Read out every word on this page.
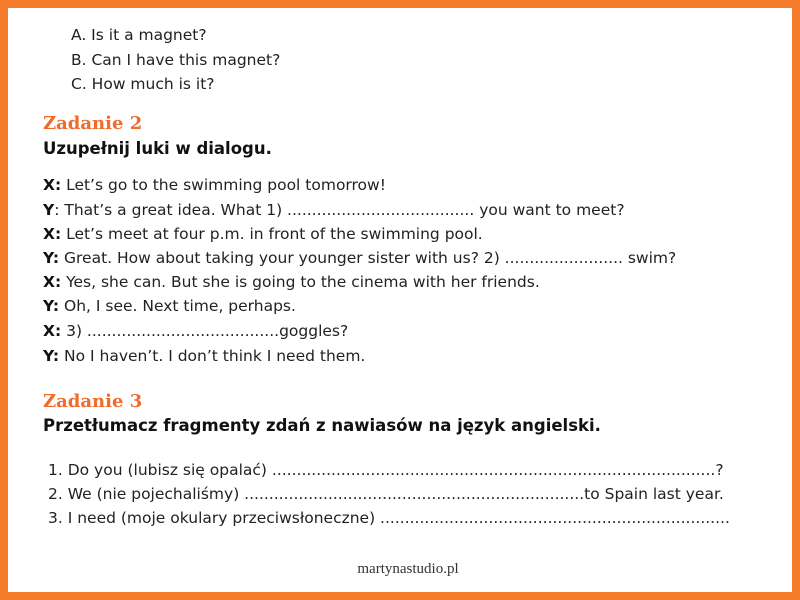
A. Is it a magnet?
B. Can I have this magnet?
C. How much is it?
Zadanie 2
Uzupełnij luki w dialogu.
X: Let’s go to the swimming pool tomorrow!
Y: That’s a great idea. What 1) ...................................... you want to meet?
X: Let’s meet at four p.m. in front of the swimming pool.
Y: Great. How about taking your younger sister with us? 2) ........................ swim?
X: Yes, she can. But she is going to the cinema with her friends.
Y: Oh, I see. Next time, perhaps.
X: 3) .......................................goggles?
Y: No I haven’t. I don’t think I need them.
Zadanie 3
Przetłumacz fragmenty zdań z nawiasów na język angielski.
1. Do you (lubisz się opalać) ..........................................................................................?
2. We (nie pojechaliśmy) .....................................................................to Spain last year.
3. I need (moje okulary przeciwsłoneczne) .......................................................................
martynastudio.pl
